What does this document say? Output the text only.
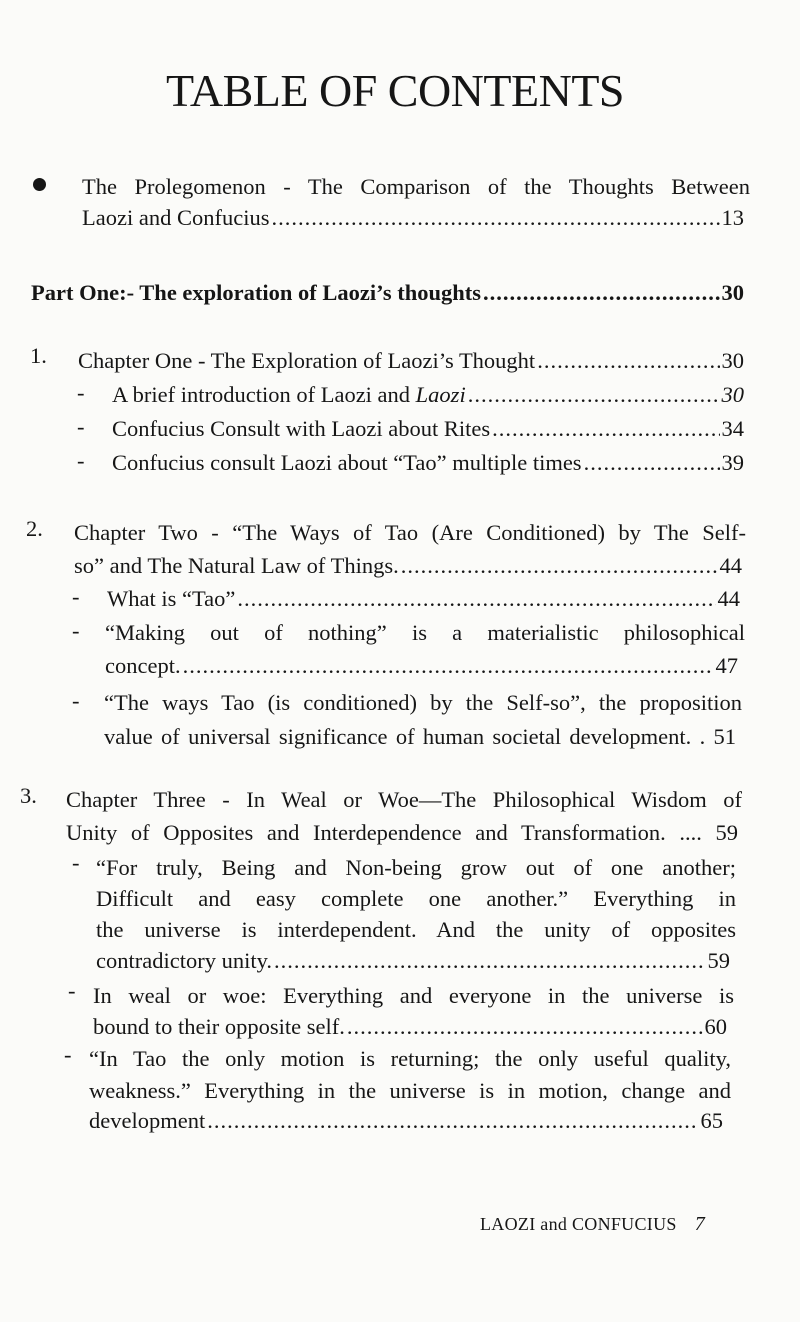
TABLE OF CONTENTS
The Prolegomenon - The Comparison of the Thoughts Between
Laozi and Confucius .....	13
Part One:- The exploration of Laozi’s thoughts .....	30
1. Chapter One - The Exploration of Laozi’s Thought .....	30
- A brief introduction of Laozi and Laozi .....	30
- Confucius Consult with Laozi about Rites .....	34
- Confucius consult Laozi about “Tao” multiple times .....	39
2. Chapter Two - “The Ways of Tao (Are Conditioned) by The Self-
so” and The Natural Law of Things. .....	44
- What is “Tao” .....	44
- “Making out of nothing” is a materialistic philosophical
concept. .....	47
- “The ways Tao (is conditioned) by the Self-so”, the proposition
value of universal significance of human societal development. . 51
3. Chapter Three - In Weal or Woe—The Philosophical Wisdom of
Unity of Opposites and Interdependence and Transformation. .... 59
- “For truly, Being and Non-being grow out of one another;
Difficult and easy complete one another.” Everything in
the universe is interdependent. And the unity of opposites
contradictory unity. .....	59
- In weal or woe: Everything and everyone in the universe is
bound to their opposite self. .....	60
- “In Tao the only motion is returning; the only useful quality,
weakness.” Everything in the universe is in motion, change and
development .....	65
LAOZI and CONFUCIUS 7
